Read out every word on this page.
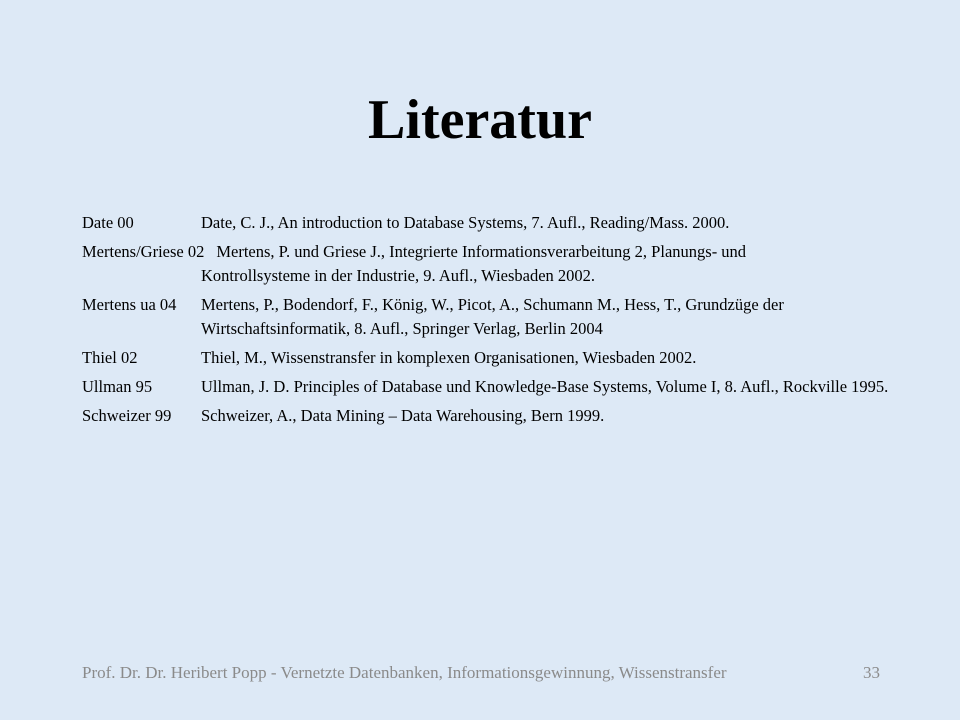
Literatur
Date 00	Date, C. J., An introduction to Database Systems, 7. Aufl., Reading/Mass. 2000.
Mertens/Griese 02 Mertens, P. und Griese J., Integrierte Informationsverarbeitung 2, Planungs- und
Kontrollsysteme in der Industrie, 9. Aufl., Wiesbaden 2002.
Mertens ua 04 Mertens, P., Bodendorf, F., König, W., Picot, A., Schumann M., Hess, T., Grundzüge der Wirtschaftsinformatik, 8. Aufl., Springer Verlag, Berlin 2004
Thiel 02	Thiel, M., Wissenstransfer in komplexen Organisationen, Wiesbaden 2002.
Ullman 95	Ullman, J. D. Principles of Database und Knowledge-Base Systems, Volume I, 8. Aufl., Rockville 1995.
Schweizer 99 Schweizer, A., Data Mining – Data Warehousing, Bern 1999.
Prof. Dr. Dr. Heribert Popp - Vernetzte Datenbanken, Informationsgewinnung, Wissenstransfer	33
